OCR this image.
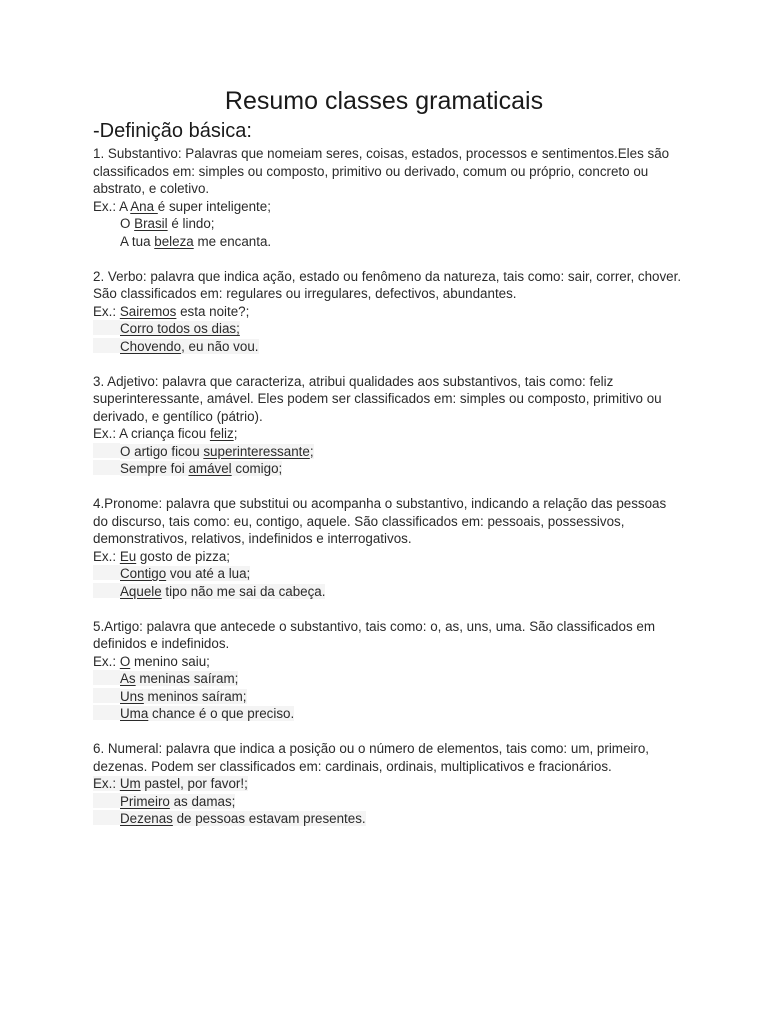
Resumo classes gramaticais
-Definição básica:
1. Substantivo: Palavras que nomeiam seres, coisas, estados, processos e sentimentos.Eles são classificados em: simples ou composto, primitivo ou derivado, comum ou próprio, concreto ou abstrato, e coletivo.
Ex.: A Ana é super inteligente;
O Brasil é lindo;
A tua beleza me encanta.
2. Verbo: palavra que indica ação, estado ou fenômeno da natureza, tais como: sair, correr, chover. São classificados em: regulares ou irregulares, defectivos, abundantes.
Ex.: Sairemos esta noite?;
Corro todos os dias;
Chovendo, eu não vou.
3. Adjetivo: palavra que caracteriza, atribui qualidades aos substantivos, tais como: feliz superinteressante, amável. Eles podem ser classificados em: simples ou composto, primitivo ou derivado, e gentílico (pátrio).
Ex.: A criança ficou feliz;
O artigo ficou superinteressante;
Sempre foi amável comigo;
4.Pronome: palavra que substitui ou acompanha o substantivo, indicando a relação das pessoas do discurso, tais como: eu, contigo, aquele. São classificados em: pessoais, possessivos, demonstrativos, relativos, indefinidos e interrogativos.
Ex.: Eu gosto de pizza;
Contigo vou até a lua;
Aquele tipo não me sai da cabeça.
5.Artigo: palavra que antecede o substantivo, tais como: o, as, uns, uma. São classificados em definidos e indefinidos.
Ex.: O menino saiu;
As meninas saíram;
Uns meninos saíram;
Uma chance é o que preciso.
6. Numeral: palavra que indica a posição ou o número de elementos, tais como: um, primeiro, dezenas. Podem ser classificados em: cardinais, ordinais, multiplicativos e fracionários.
Ex.: Um pastel, por favor!;
Primeiro as damas;
Dezenas de pessoas estavam presentes.
